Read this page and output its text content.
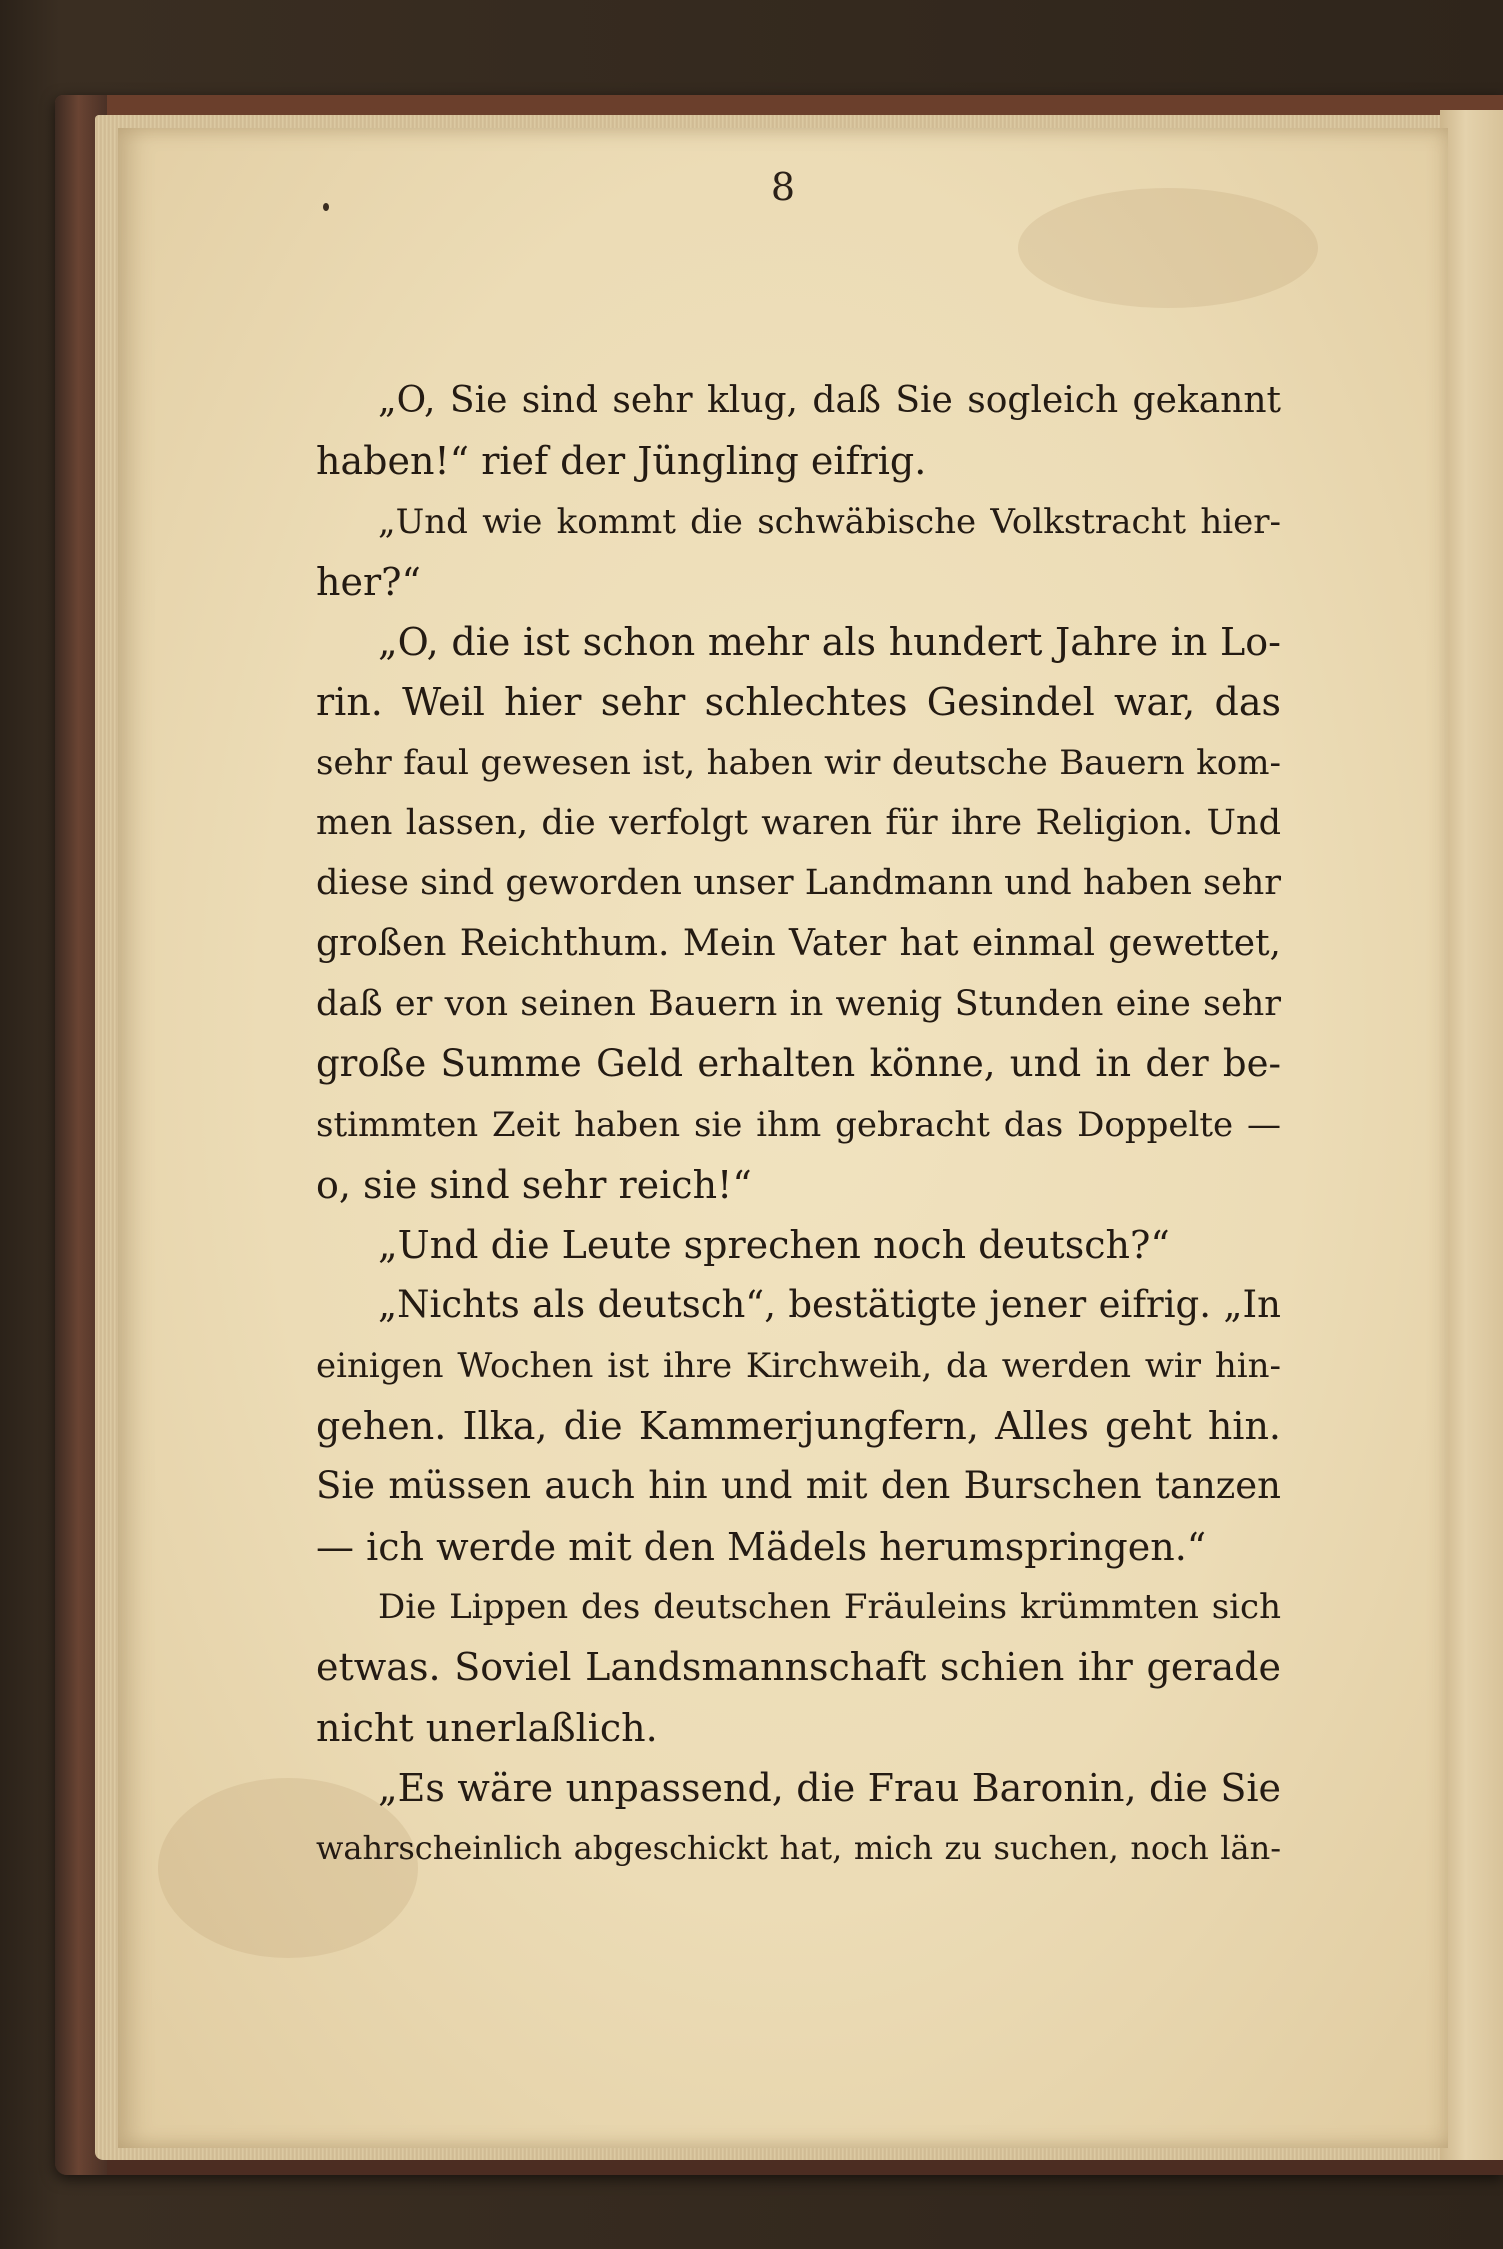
8
„O, Sie sind sehr klug, daß Sie sogleich gekannt
haben!“ rief der Jüngling eifrig.
„Und wie kommt die schwäbische Volkstracht hier-
her?“
„O, die ist schon mehr als hundert Jahre in Lo-
rin. Weil hier sehr schlechtes Gesindel war, das
sehr faul gewesen ist, haben wir deutsche Bauern kom-
men lassen, die verfolgt waren für ihre Religion. Und
diese sind geworden unser Landmann und haben sehr
großen Reichthum. Mein Vater hat einmal gewettet,
daß er von seinen Bauern in wenig Stunden eine sehr
große Summe Geld erhalten könne, und in der be-
stimmten Zeit haben sie ihm gebracht das Doppelte —
o, sie sind sehr reich!“
„Und die Leute sprechen noch deutsch?“
„Nichts als deutsch“, bestätigte jener eifrig. „In
einigen Wochen ist ihre Kirchweih, da werden wir hin-
gehen. Ilka, die Kammerjungfern, Alles geht hin.
Sie müssen auch hin und mit den Burschen tanzen
— ich werde mit den Mädels herumspringen.“
Die Lippen des deutschen Fräuleins krümmten sich
etwas. Soviel Landsmannschaft schien ihr gerade
nicht unerlaßlich.
„Es wäre unpassend, die Frau Baronin, die Sie
wahrscheinlich abgeschickt hat, mich zu suchen, noch län-
